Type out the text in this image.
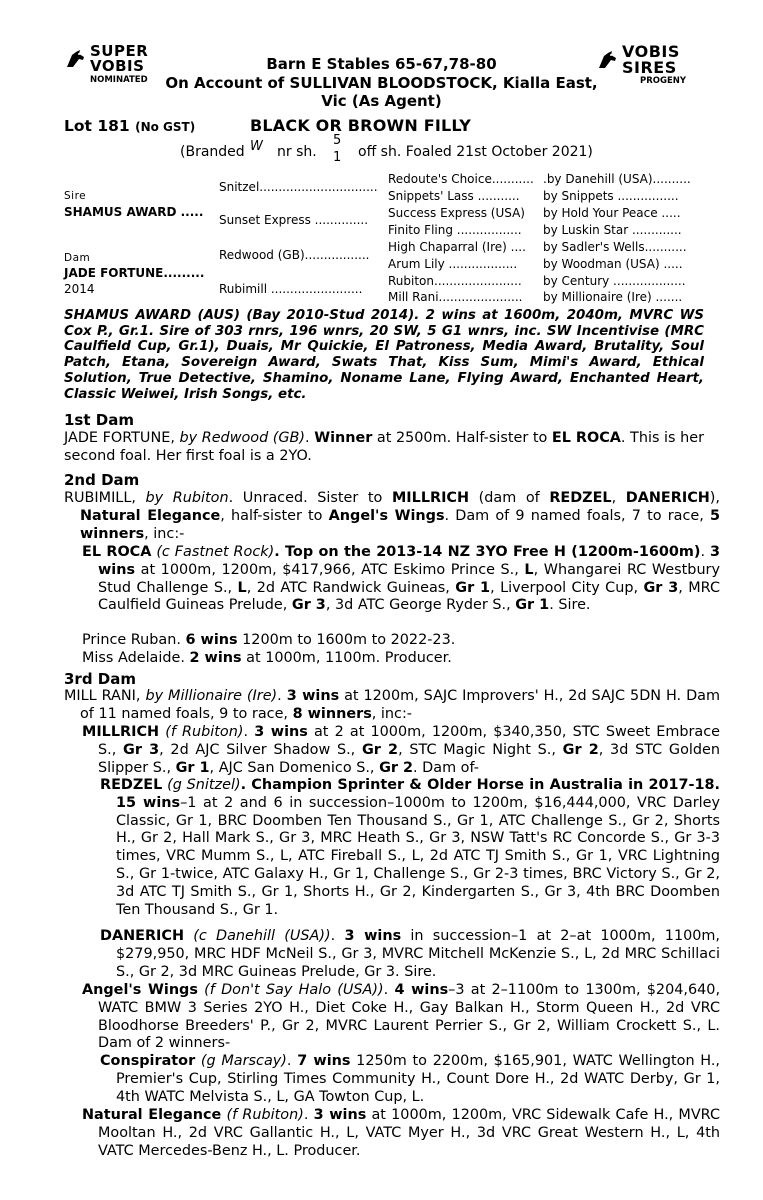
SUPER
VOBIS
NOMINATED
VOBIS
SIRES
PROGENY
Barn E Stables 65-67,78-80
On Account of SULLIVAN BLOODSTOCK, Kialla East,
Vic (As Agent)
Lot 181 (No GST)	BLACK OR BROWN FILLY
(Branded W nr sh.
5
1 off sh. Foaled 21st October 2021)
Sire
SHAMUS AWARD .....
Dam
JADE FORTUNE.........
2014
Snitzel...............................
Sunset Express ..............
Redwood (GB).................
Rubimill ........................
Redoute's Choice........... .by Danehill (USA)..........
Snippets' Lass ........... by Snippets ................
Success Express (USA) by Hold Your Peace .....
Finito Fling ................. by Luskin Star .............
High Chaparral (Ire) .... by Sadler's Wells...........
Arum Lily .................. by Woodman (USA) .....
Rubiton....................... by Century ...................
Mill Rani...................... by Millionaire (Ire) .......
SHAMUS AWARD (AUS) (Bay 2010-Stud 2014). 2 wins at 1600m, 2040m, MVRC WS Cox P., Gr.1. Sire of 303 rnrs, 196 wnrs, 20 SW, 5 G1 wnrs, inc. SW Incentivise (MRC Caulfield Cup, Gr.1), Duais, Mr Quickie, El Patroness, Media Award, Brutality, Soul Patch, Etana, Sovereign Award, Swats That, Kiss Sum, Mimi's Award, Ethical Solution, True Detective, Shamino, Noname Lane, Flying Award, Enchanted Heart, Classic Weiwei, Irish Songs, etc.
1st Dam
JADE FORTUNE, by Redwood (GB). Winner at 2500m. Half-sister to EL ROCA. This is her second foal. Her first foal is a 2YO.
2nd Dam
RUBIMILL, by Rubiton. Unraced. Sister to MILLRICH (dam of REDZEL, DANERICH), Natural Elegance, half-sister to Angel's Wings. Dam of 9 named foals, 7 to race, 5 winners, inc:-
EL ROCA (c Fastnet Rock). Top on the 2013-14 NZ 3YO Free H (1200m-1600m). 3 wins at 1000m, 1200m, $417,966, ATC Eskimo Prince S., L, Whangarei RC Westbury Stud Challenge S., L, 2d ATC Randwick Guineas, Gr 1, Liverpool City Cup, Gr 3, MRC Caulfield Guineas Prelude, Gr 3, 3d ATC George Ryder S., Gr 1. Sire.
Prince Ruban. 6 wins 1200m to 1600m to 2022-23.
Miss Adelaide. 2 wins at 1000m, 1100m. Producer.
3rd Dam
MILL RANI, by Millionaire (Ire). 3 wins at 1200m, SAJC Improvers' H., 2d SAJC 5DN H. Dam of 11 named foals, 9 to race, 8 winners, inc:-
MILLRICH (f Rubiton). 3 wins at 2 at 1000m, 1200m, $340,350, STC Sweet Embrace S., Gr 3, 2d AJC Silver Shadow S., Gr 2, STC Magic Night S., Gr 2, 3d STC Golden Slipper S., Gr 1, AJC San Domenico S., Gr 2. Dam of-
REDZEL (g Snitzel). Champion Sprinter & Older Horse in Australia in 2017-18. 15 wins–1 at 2 and 6 in succession–1000m to 1200m, $16,444,000, VRC Darley Classic, Gr 1, BRC Doomben Ten Thousand S., Gr 1, ATC Challenge S., Gr 2, Shorts H., Gr 2, Hall Mark S., Gr 3, MRC Heath S., Gr 3, NSW Tatt's RC Concorde S., Gr 3-3 times, VRC Mumm S., L, ATC Fireball S., L, 2d ATC TJ Smith S., Gr 1, VRC Lightning S., Gr 1-twice, ATC Galaxy H., Gr 1, Challenge S., Gr 2-3 times, BRC Victory S., Gr 2, 3d ATC TJ Smith S., Gr 1, Shorts H., Gr 2, Kindergarten S., Gr 3, 4th BRC Doomben Ten Thousand S., Gr 1.
DANERICH (c Danehill (USA)). 3 wins in succession–1 at 2–at 1000m, 1100m, $279,950, MRC HDF McNeil S., Gr 3, MVRC Mitchell McKenzie S., L, 2d MRC Schillaci S., Gr 2, 3d MRC Guineas Prelude, Gr 3. Sire.
Angel's Wings (f Don't Say Halo (USA)). 4 wins–3 at 2–1100m to 1300m, $204,640, WATC BMW 3 Series 2YO H., Diet Coke H., Gay Balkan H., Storm Queen H., 2d VRC Bloodhorse Breeders' P., Gr 2, MVRC Laurent Perrier S., Gr 2, William Crockett S., L. Dam of 2 winners-
Conspirator (g Marscay). 7 wins 1250m to 2200m, $165,901, WATC Wellington H., Premier's Cup, Stirling Times Community H., Count Dore H., 2d WATC Derby, Gr 1, 4th WATC Melvista S., L, GA Towton Cup, L.
Natural Elegance (f Rubiton). 3 wins at 1000m, 1200m, VRC Sidewalk Cafe H., MVRC Mooltan H., 2d VRC Gallantic H., L, VATC Myer H., 3d VRC Great Western H., L, 4th VATC Mercedes-Benz H., L. Producer.
